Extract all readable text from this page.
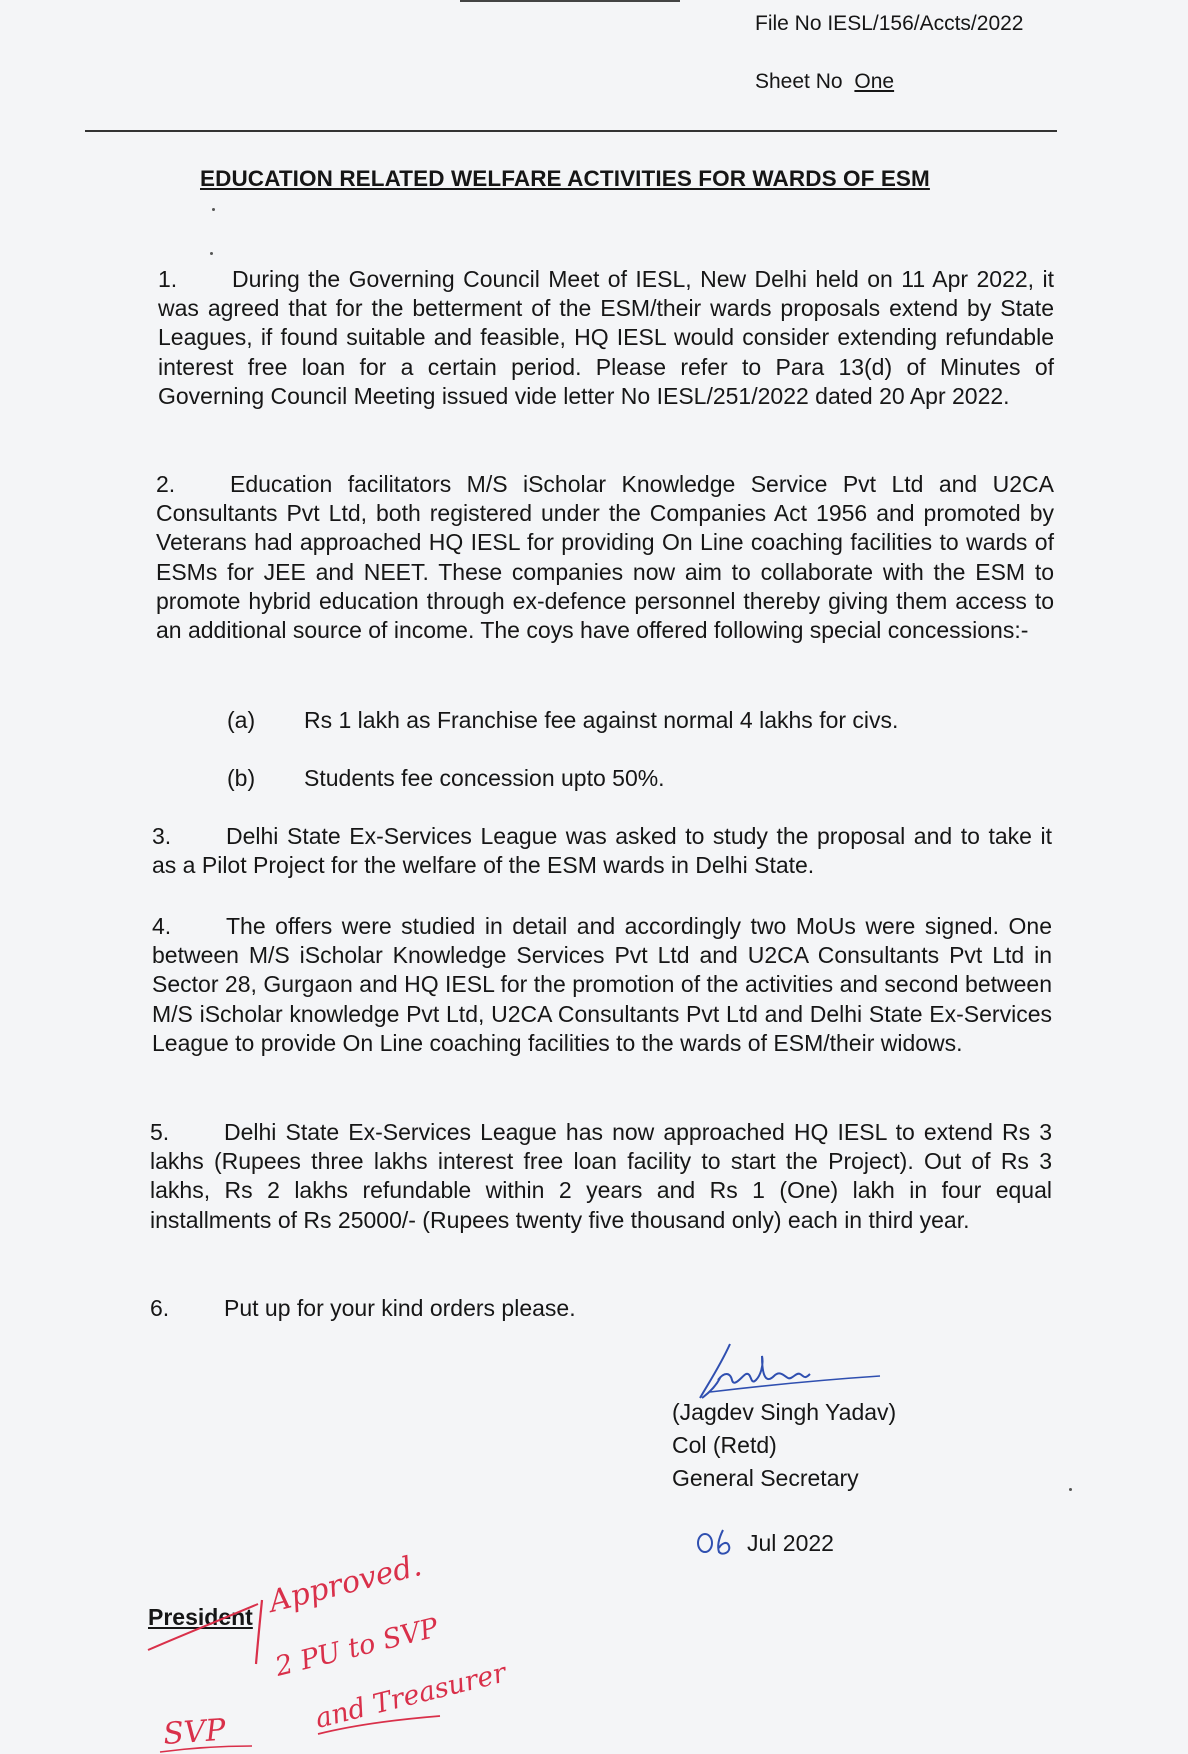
File No IESL/156/Accts/2022
Sheet No One
EDUCATION RELATED WELFARE ACTIVITIES FOR WARDS OF ESM
1. During the Governing Council Meet of IESL, New Delhi held on 11 Apr 2022, it was agreed that for the betterment of the ESM/their wards proposals extend by State Leagues, if found suitable and feasible, HQ IESL would consider extending refundable interest free loan for a certain period. Please refer to Para 13(d) of Minutes of Governing Council Meeting issued vide letter No IESL/251/2022 dated 20 Apr 2022.
2. Education facilitators M/S iScholar Knowledge Service Pvt Ltd and U2CA Consultants Pvt Ltd, both registered under the Companies Act 1956 and promoted by Veterans had approached HQ IESL for providing On Line coaching facilities to wards of ESMs for JEE and NEET. These companies now aim to collaborate with the ESM to promote hybrid education through ex-defence personnel thereby giving them access to an additional source of income. The coys have offered following special concessions:-
(a) Rs 1 lakh as Franchise fee against normal 4 lakhs for civs.
(b) Students fee concession upto 50%.
3. Delhi State Ex-Services League was asked to study the proposal and to take it as a Pilot Project for the welfare of the ESM wards in Delhi State.
4. The offers were studied in detail and accordingly two MoUs were signed. One between M/S iScholar Knowledge Services Pvt Ltd and U2CA Consultants Pvt Ltd in Sector 28, Gurgaon and HQ IESL for the promotion of the activities and second between M/S iScholar knowledge Pvt Ltd, U2CA Consultants Pvt Ltd and Delhi State Ex-Services League to provide On Line coaching facilities to the wards of ESM/their widows.
5. Delhi State Ex-Services League has now approached HQ IESL to extend Rs 3 lakhs (Rupees three lakhs interest free loan facility to start the Project). Out of Rs 3 lakhs, Rs 2 lakhs refundable within 2 years and Rs 1 (One) lakh in four equal installments of Rs 25000/- (Rupees twenty five thousand only) each in third year.
6. Put up for your kind orders please.
(Jagdev Singh Yadav)
Col (Retd)
General Secretary
Jul 2022
President Approved.
2 PU to SVP
and Treasurer
SVP
